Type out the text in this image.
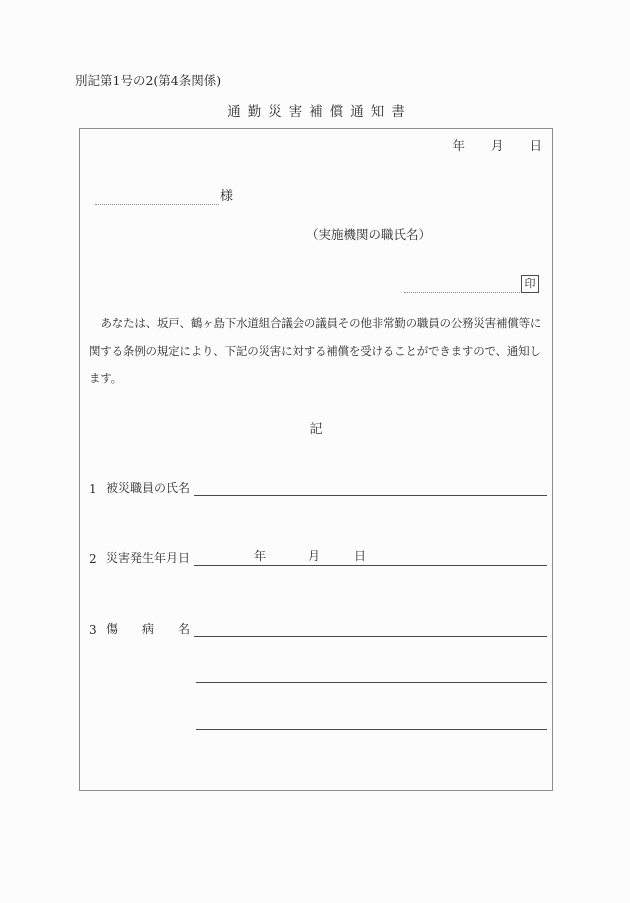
別記第1号の2(第4条関係)
通勤災害補償通知書
年 月 日
様
（実施機関の職氏名）
印
あなたは、坂戸、鶴ヶ島下水道組合議会の議員その他非常勤の職員の公務災害補償等に
関する条例の規定により、下記の災害に対する補償を受けることができますので、通知し
ます。
記
1 被災職員の氏名
2 災害発生年月日	年	月	日
3 傷　　病　　名
